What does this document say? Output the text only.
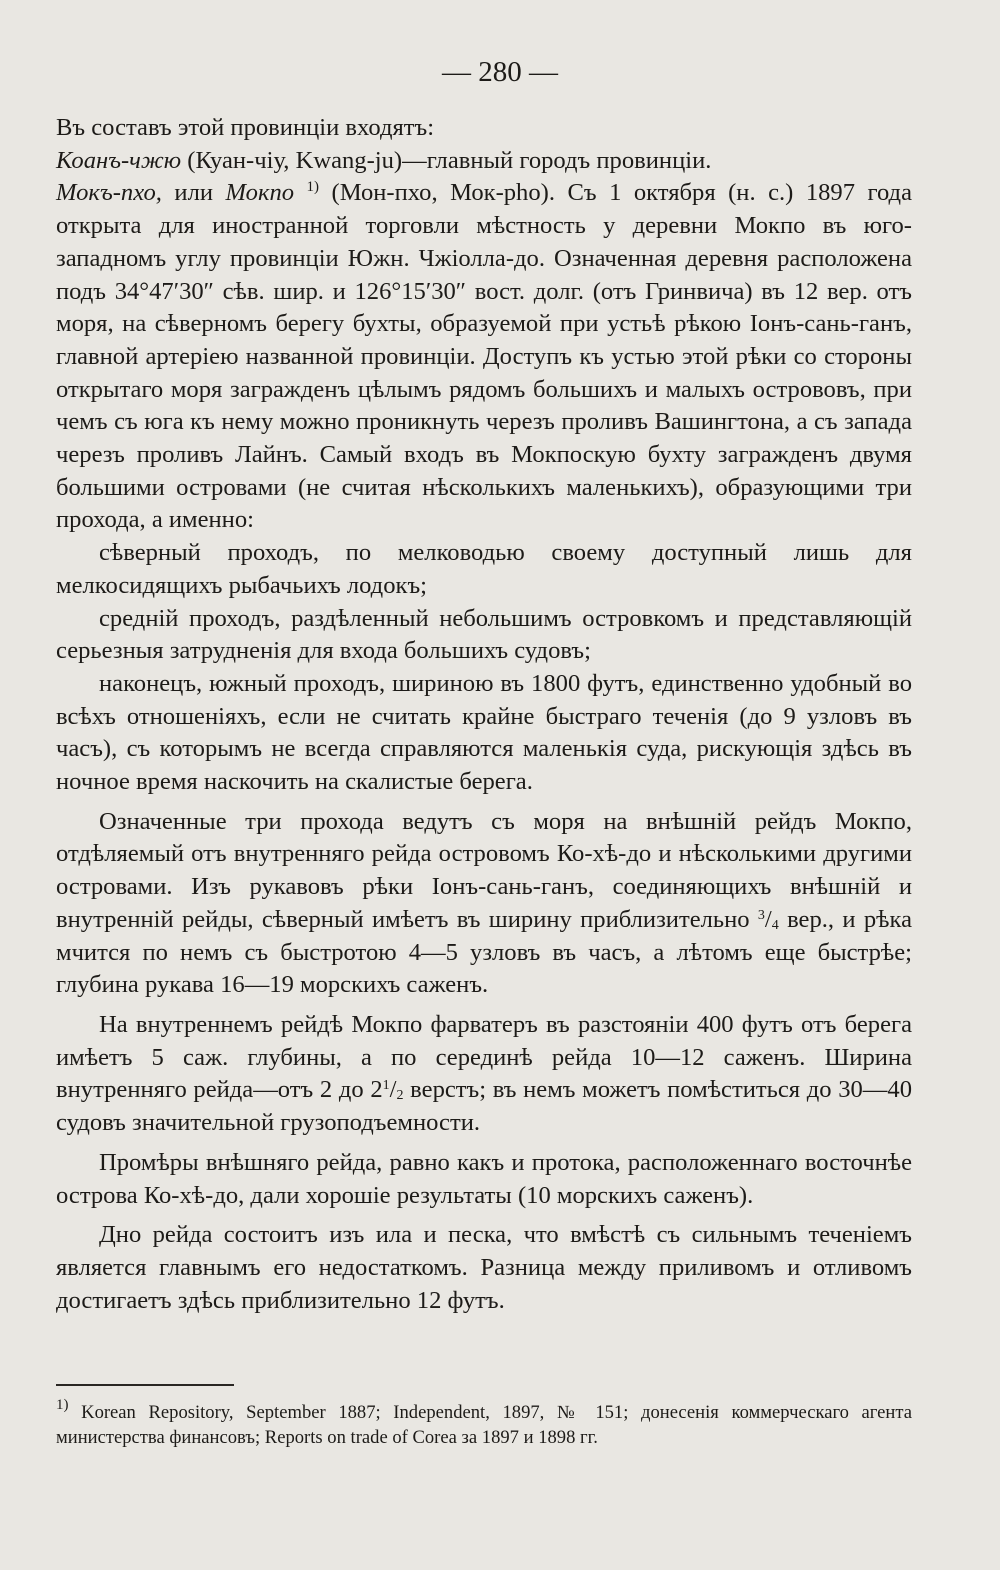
— 280 —

Въ составъ этой провинціи входятъ:

Коанъ-чжю (Куан-чіу, Kwang-ju)—главный городъ провинціи.

Мокъ-пхо, или Мокпо $^{1)}$ (Мон-пхо, Мок-pho). Съ 1 октября (н. с.) 1897 года открыта для иностранной торговли мѣстность у деревни Мокпо въ юго-западномъ углу провинціи Южн. Чжіолла-до. Означенная деревня расположена подъ 34°47′30″ сѣв. шир. и 126°15′30″ вост. долг. (отъ Гринвича) въ 12 вер. отъ моря, на сѣверномъ берегу бухты, образуемой при устьѣ рѣкою Іонъ-сань-ганъ, главной артеріею названной провинціи. Доступъ къ устью этой рѣки со стороны открытаго моря загражденъ цѣлымъ рядомъ большихъ и малыхъ острововъ, при чемъ съ юга къ нему можно проникнуть черезъ проливъ Вашингтона, а съ запада черезъ проливъ Лайнъ. Самый входъ въ Мокпоскую бухту загражденъ двумя большими островами (не считая нѣсколькихъ маленькихъ), образующими три прохода, а именно:

сѣверный проходъ, по мелководью своему доступный лишь для мелкосидящихъ рыбачьихъ лодокъ;

средній проходъ, раздѣленный небольшимъ островкомъ и представляющій серьезныя затрудненія для входа большихъ судовъ;

наконецъ, южный проходъ, шириною въ 1800 футъ, единственно удобный во всѣхъ отношеніяхъ, если не считать крайне быстраго теченія (до 9 узловъ въ часъ), съ которымъ не всегда справляются маленькія суда, рискующія здѣсь въ ночное время наскочить на скалистые берега.

Означенные три прохода ведутъ съ моря на внѣшній рейдъ Мокпо, отдѣляемый отъ внутренняго рейда островомъ Ко-хѣ-до и нѣсколькими другими островами. Изъ рукавовъ рѣки Іонъ-сань-ганъ, соединяющихъ внѣшній и внутренній рейды, сѣверный имѣетъ въ ширину приблизительно $^3$/4 вер., и рѣка мчится по немъ съ быстротою 4—5 узловъ въ часъ, а лѣтомъ еще быстрѣе; глубина рукава 16—19 морскихъ саженъ.

На внутреннемъ рейдѣ Мокпо фарватеръ въ разстояніи 400 футъ отъ берега имѣетъ 5 саж. глубины, а по серединѣ рейда 10—12 саженъ. Ширина внутренняго рейда—отъ 2 до $2^1/2$ верстъ; въ немъ можетъ помѣститься до 30—40 судовъ значительной грузоподъемности.

Промѣры внѣшняго рейда, равно какъ и протока, расположеннаго восточнѣе острова Ко-хѣ-до, дали хорошіе результаты (10 морскихъ саженъ).

Дно рейда состоитъ изъ ила и песка, что вмѣстѣ съ сильнымъ теченіемъ является главнымъ его недостаткомъ. Разница между приливомъ и отливомъ достигаетъ здѣсь приблизительно 12 футъ.

$^{1)}$ Korean Repository, September 1887; Independent, 1897, № 151; донесенія коммерческаго агента министерства финансовъ; Reports on trade of Corea за 1897 и 1898 гг.
